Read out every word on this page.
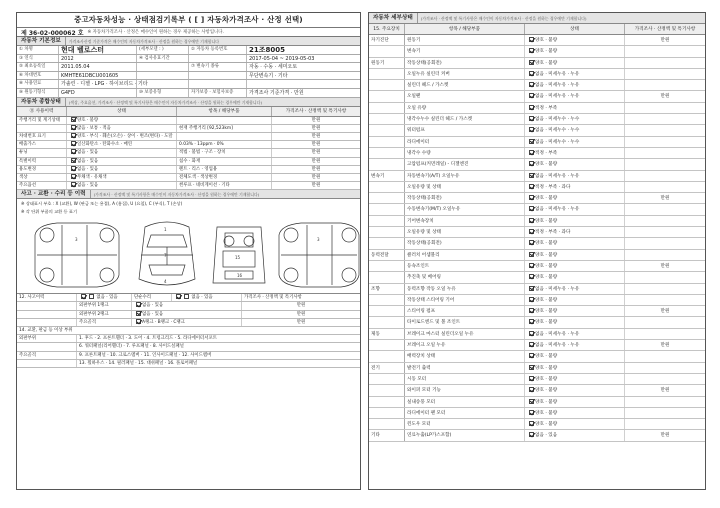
중고자동차성능 · 상태점검기록부 ( [ ] 자동차가격조사 · 산정 선택)
제 36-02-000062 호 ※ 자동차가격조사 · 산정은 매수인이 원하는 경우 제공하는 사항입니다.
자동차 기본정보	가격조사산정 기준가격은 매수인의 자동차가격조사 · 산정을 원하는 경우에만 기재합니다
① 차명	현대 벨로스터	(세부모델 : )	② 자동차 등록번호	21조8005
③ 연식	2012	④ 검사유효기간	2017-05-04 ~ 2019-05-03
⑤ 최초등록일	2011.05.04	⑦ 변속기 종류	자동 · 수동 · 세미오토
⑥ 차대번호	KMHTE61DBCU001605	무단변속기 · 기타
⑧ 사용연료	가솔린 · 디젤 · LPG · 하이브리드 · 기타
⑨ 원동기형식	G4FD	⑩ 보증유형	자가보증 · 보험사보증	가격조사 기준가격 · 만원
자동차 종합상태	(색상, 주요옵션, 가격조사 · 산정액 및 특기사항은 매수인이 자동차가격조사 · 산정을 원하는 경우에만 기재합니다)
⑪ 사용이력	상태	항목 / 해당부품	가격조사 · 산정액 및 특기사항
주행거리 및 계기상태	양호 · 불량	만원
많음 · 보통 · 적음	현재 주행거리 [92,523km]	만원
차대번호 표기	양호 · 부식 · 훼손(오손) · 상이 · 변조(변타) · 도말	만원
배출가스	일산화탄소 · 탄화수소 · 매연	0.03% · 13ppm · 0%	만원
튜닝	없음 · 있음	적법 · 불법 · 구조 · 장치	만원
특별이력	없음 · 있음	침수 · 화재	만원
용도변경	없음 · 있음	렌트 · 리스 · 영업용	만원
색상	무채색 · 유채색	전체도색 · 색상변경	만원
주요옵션	없음 · 있음	썬루프 · 네비게이션 · 기타	만원
사고 · 교환 · 수리 등 이력	(가격조사 · 산정액 및 특기사항은 매수인이 자동차가격조사 · 산정을 원하는 경우에만 기재합니다)
※ 상태표시 부호 : X (교환), W (판금 또는 용접), A (흠집), U (요철), C (부식), T (손상)
※ 각 단위 부품의 교환 등 표기
7
1
4
15
16
3	3
12. 사고이력	없음 · 있음	단순수리	없음 · 있음	가격조사 · 산정액 및 특기사항
외판부위 1랭크	없음 · 있음	만원
외판부위 2랭크	없음 · 있음	만원
주요골격	A랭크 · B랭크 · C랭크	만원
14. 교환, 판금 등 이상 부위
외판부위	1. 후드 · 2. 프론트휀더 · 3. 도어 · 4. 트렁크리드 · 5. 라디에이터서포트
6. 쿼터패널(리어휀더) · 7. 루프패널 · 8. 사이드실패널
주요골격	9. 프론트패널 · 10. 크로스멤버 · 11. 인사이드패널 · 12. 사이드멤버
13. 휠하우스 · 14. 필러패널 · 15. 대쉬패널 · 16. 플로어패널
자동차 세부상태	(가격조사 · 산정액 및 특기사항은 매수인이 자동차가격조사 · 산정을 원하는 경우에만 기재합니다)
15. 주요장치	항목 / 해당부품	상태	가격조사 · 산정액 및 특기사항
자기진단	원동기	양호 · 불량	만원
변속기	양호 · 불량
원동기	작동상태(공회전)	양호 · 불량
오일누유 실린더 커버	없음 · 미세누유 · 누유
실린더 헤드 / 가스켓	없음 · 미세누유 · 누유
오일팬	없음 · 미세누유 · 누유	만원
오일 유량	적정 · 부족
냉각수누수 실린더 헤드 / 가스켓	없음 · 미세누수 · 누수
워터펌프	없음 · 미세누수 · 누수
라디에이터	없음 · 미세누수 · 누수
냉각수 수량	적정 · 부족
고압펌프(커먼레일) - 디젤엔진	양호 · 불량
변속기	자동변속기(A/T) 오일누유	없음 · 미세누유 · 누유
오일유량 및 상태	적정 · 부족 · 과다
작동상태(공회전)	양호 · 불량	만원
수동변속기(M/T) 오일누유	없음 · 미세누유 · 누유
기어변속장치	양호 · 불량
오일유량 및 상태	적정 · 부족 · 과다
작동상태(공회전)	양호 · 불량
동력전달	클러치 어셈블리	양호 · 불량
등속조인트	양호 · 불량	만원
추진축 및 베어링	양호 · 불량
조향	동력조향 작동 오일 누유	없음 · 미세누유 · 누유
작동상태 스티어링 기어	양호 · 불량
스티어링 펌프	양호 · 불량	만원
타이로드엔드 및 볼 조인트	양호 · 불량
제동	브레이크 마스터 실린더오일 누유	없음 · 미세누유 · 누유
브레이크 오일 누유	없음 · 미세누유 · 누유	만원
배력장치 상태	양호 · 불량
전기	발전기 출력	양호 · 불량
시동 모터	양호 · 불량
와이퍼 모터 기능	양호 · 불량	만원
실내송풍 모터	양호 · 불량
라디에이터 팬 모터	양호 · 불량
윈도우 모터	양호 · 불량
기타	연료누출(LP가스포함)	없음 · 있음	만원
